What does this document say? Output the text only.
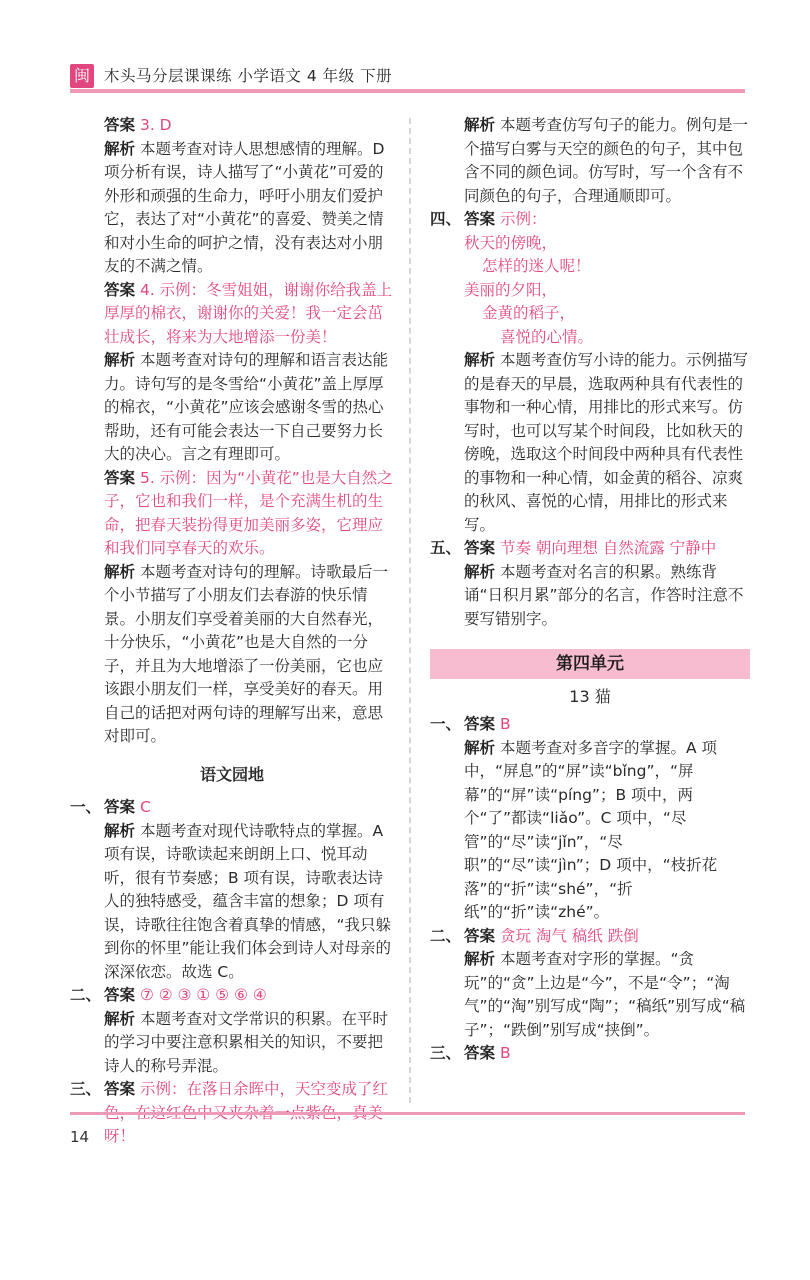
闽 木头马分层课课练 小学语文 4 年级 下册
答案 3. D
解析 本题考查对诗人思想感情的理解。D 项分析有误，诗人描写了“小黄花”可爱的外形和顽强的生命力，呼吁小朋友们爱护它，表达了对“小黄花”的喜爱、赞美之情和对小生命的呵护之情，没有表达对小朋友的不满之情。
答案 4. 示例：冬雪姐姐，谢谢你给我盖上厚厚的棉衣，谢谢你的关爱！我一定会茁壮成长，将来为大地增添一份美！
解析 本题考查对诗句的理解和语言表达能力。诗句写的是冬雪给“小黄花”盖上厚厚的棉衣，“小黄花”应该会感谢冬雪的热心帮助，还有可能会表达一下自己要努力长大的决心。言之有理即可。
答案 5. 示例：因为“小黄花”也是大自然之子，它也和我们一样，是个充满生机的生命，把春天装扮得更加美丽多姿，它理应和我们同享春天的欢乐。
解析 本题考查对诗句的理解。诗歌最后一个小节描写了小朋友们去春游的快乐情景。小朋友们享受着美丽的大自然春光，十分快乐，“小黄花”也是大自然的一分子，并且为大地增添了一份美丽，它也应该跟小朋友们一样，享受美好的春天。用自己的话把对两句诗的理解写出来，意思对即可。
语文园地
一、 答案 C
解析 本题考查对现代诗歌特点的掌握。A 项有误，诗歌读起来朗朗上口、悦耳动听，很有节奏感；B 项有误，诗歌表达诗人的独特感受，蕴含丰富的想象；D 项有误，诗歌往往饱含着真挚的情感，“我只躲到你的怀里”能让我们体会到诗人对母亲的深深依恋。故选 C。
二、 答案 ⑦ ② ③ ① ⑤ ⑥ ④
解析 本题考查对文学常识的积累。在平时的学习中要注意积累相关的知识，不要把诗人的称号弄混。
三、 答案 示例：在落日余晖中，天空变成了红 呀！
解析 本题考查仿写句子的能力。例句是一个描写白雾与天空的颜色的句子，其中包含不同的颜色词。仿写时，写一个含有不同颜色的句子，合理通顺即可。
四、 答案 示例：
秋天的傍晚，
怎样的迷人呢！
美丽的夕阳，
金黄的稻子，
喜悦的心情。
解析 本题考查仿写小诗的能力。示例描写的是春天的早晨，选取两种具有代表性的事物和一种心情，用排比的形式来写。仿写时，也可以写某个时间段，比如秋天的傍晚，选取这个时间段中两种具有代表性的事物和一种心情，如金黄的稻谷、凉爽的秋风、喜悦的心情，用排比的形式来写。
五、 答案 节奏 朝向理想 自然流露 宁静中
解析 本题考查对名言的积累。熟练背诵“日积月累”部分的名言，作答时注意不要写错别字。
第四单元
13 猫
一、 答案 B
解析 本题考查对多音字的掌握。A 项中，“屏息”的“屏”读“bǐng”，“屏幕”的“屏”读“píng”；B 项中，两个“了”都读“liǎo”。C 项中，“尽管”的“尽”读“jǐn”，“尽职”的“尽”读“jìn”；D 项中，“枝折花落”的“折”读“shé”，“折纸”的“折”读“zhé”。
二、 答案 贪玩 淘气 稿纸 跌倒
解析 本题考查对字形的掌握。“贪玩”的“贪”上边是“今”，不是“令”；“淘气”的“淘”别写成“陶”；“稿纸”别写成“稿子”；“跌倒”别写成“挟倒”。
三、 答案 B
14
